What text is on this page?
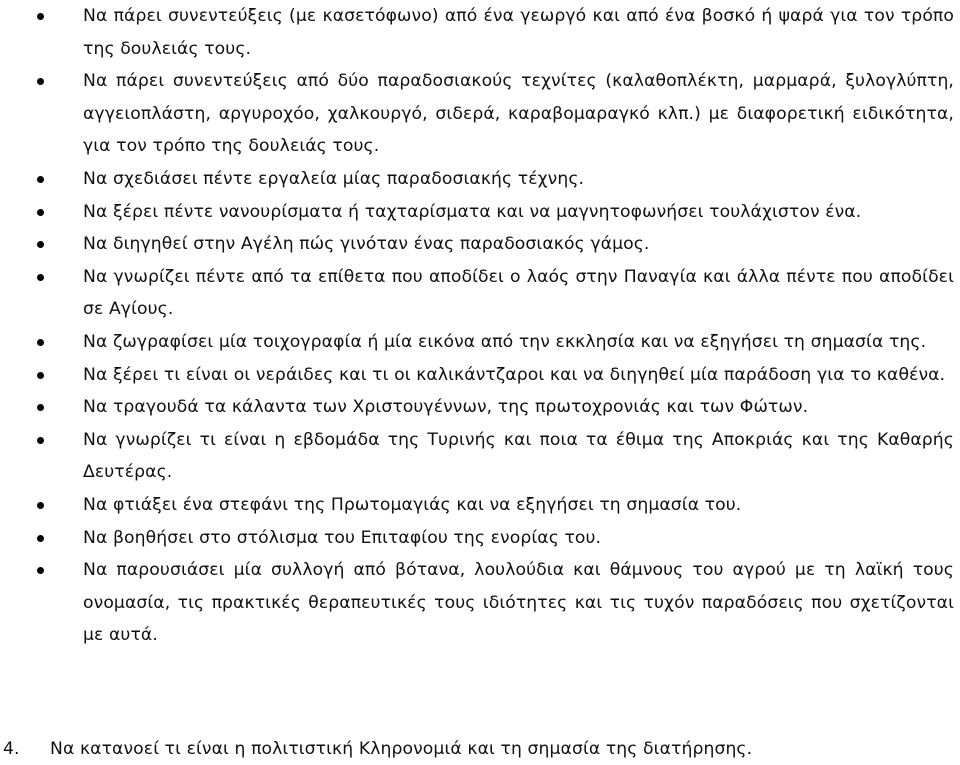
Να πάρει συνεντεύξεις (με κασετόφωνο) από ένα γεωργό και από ένα βοσκό ή ψαρά για τον τρόπο της δουλειάς τους.
Να πάρει συνεντεύξεις από δύο παραδοσιακούς τεχνίτες (καλαθοπλέκτη, μαρμαρά, ξυλογλύπτη, αγγειοπλάστη, αργυροχόο, χαλκουργό, σιδερά, καραβομαραγκό κλπ.) με διαφορετική ειδικότητα, για τον τρόπο της δουλειάς τους.
Να σχεδιάσει πέντε εργαλεία μίας παραδοσιακής τέχνης.
Να ξέρει πέντε νανουρίσματα ή ταχταρίσματα και να μαγνητοφωνήσει τουλάχιστον ένα.
Να διηγηθεί στην Αγέλη πώς γινόταν ένας παραδοσιακός γάμος.
Να γνωρίζει πέντε από τα επίθετα που αποδίδει ο λαός στην Παναγία και άλλα πέντε που αποδίδει σε Αγίους.
Να ζωγραφίσει μία τοιχογραφία ή μία εικόνα από την εκκλησία και να εξηγήσει τη σημασία της.
Να ξέρει τι είναι οι νεράιδες και τι οι καλικάντζαροι και να διηγηθεί μία παράδοση για το καθένα.
Να τραγουδά τα κάλαντα των Χριστουγέννων, της πρωτοχρονιάς και των Φώτων.
Να γνωρίζει τι είναι η εβδομάδα της Τυρινής και ποια τα έθιμα της Αποκριάς και της Καθαρής Δευτέρας.
Να φτιάξει ένα στεφάνι της Πρωτομαγιάς και να εξηγήσει τη σημασία του.
Να βοηθήσει στο στόλισμα του Επιταφίου της ενορίας του.
Να παρουσιάσει μία συλλογή από βότανα, λουλούδια και θάμνους του αγρού με τη λαϊκή τους ονομασία, τις πρακτικές θεραπευτικές τους ιδιότητες και τις τυχόν παραδόσεις που σχετίζονται με αυτά.
4. Να κατανοεί τι είναι η πολιτιστική Κληρονομιά και τη σημασία της διατήρησης.
